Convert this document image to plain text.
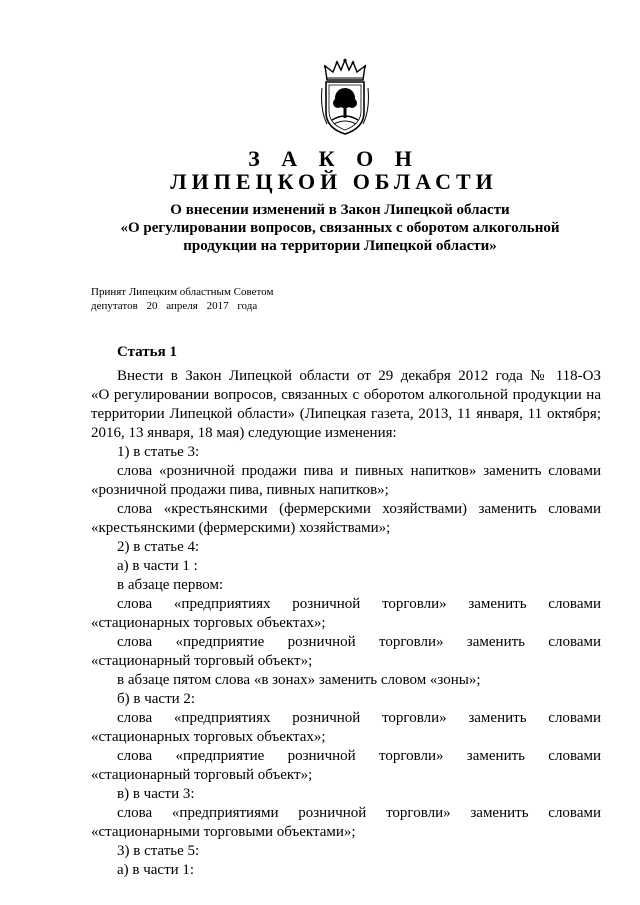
З А К О Н
ЛИПЕЦКОЙ ОБЛАСТИ
О внесении изменений в Закон Липецкой области
«О регулировании вопросов, связанных с оборотом алкогольной
продукции на территории Липецкой области»
Принят Липецким областным Советом
депутатов 20 апреля 2017 года
Статья 1
Внести в Закон Липецкой области от 29 декабря 2012 года № 118-ОЗ
«О регулировании вопросов, связанных с оборотом алкогольной продукции на
территории Липецкой области» (Липецкая газета, 2013, 11 января, 11 октября;
2016, 13 января, 18 мая) следующие изменения:
1) в статье 3:
слова «розничной продажи пива и пивных напитков» заменить словами
«розничной продажи пива, пивных напитков»;
слова «крестьянскими (фермерскими хозяйствами) заменить словами
«крестьянскими (фермерскими) хозяйствами»;
2) в статье 4:
а) в части 1 :
в абзаце первом:
слова «предприятиях розничной торговли» заменить словами
«стационарных торговых объектах»;
слова «предприятие розничной торговли» заменить словами
«стационарный торговый объект»;
в абзаце пятом слова «в зонах» заменить словом «зоны»;
б) в части 2:
слова «предприятиях розничной торговли» заменить словами
«стационарных торговых объектах»;
слова «предприятие розничной торговли» заменить словами
«стационарный торговый объект»;
в) в части 3:
слова «предприятиями розничной торговли» заменить словами
«стационарными торговыми объектами»;
3) в статье 5:
а) в части 1:
